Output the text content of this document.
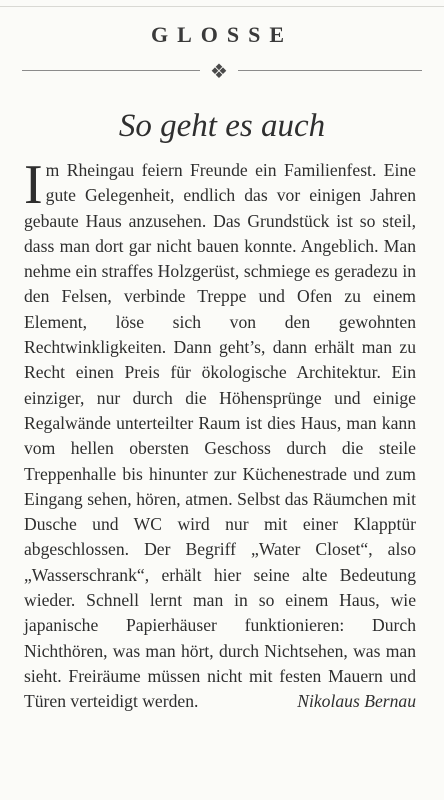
GLOSSE
❖
So geht es auch

Im Rheingau feiern Freunde ein Familienfest. Eine gute Gelegenheit, endlich das vor einigen Jahren gebaute Haus anzusehen. Das Grundstück ist so steil, dass man dort gar nicht bauen konnte. Angeblich. Man nehme ein straffes Holzgerüst, schmiege es geradezu in den Felsen, verbinde Treppe und Ofen zu einem Element, löse sich von den gewohnten Rechtwinkligkeiten. Dann geht’s, dann erhält man zu Recht einen Preis für ökologische Architektur. Ein einziger, nur durch die Höhensprünge und einige Regalwände unterteilter Raum ist dies Haus, man kann vom hellen obersten Geschoss durch die steile Treppenhalle bis hinunter zur Küchenestrade und zum Eingang sehen, hören, atmen. Selbst das Räumchen mit Dusche und WC wird nur mit einer Klapptür abgeschlossen. Der Begriff „Water Closet“, also „Wasserschrank“, erhält hier seine alte Bedeutung wieder. Schnell lernt man in so einem Haus, wie japanische Papierhäuser funktionieren: Durch Nichthören, was man hört, durch Nichtsehen, was man sieht. Freiräume müssen nicht mit festen Mauern und Türen verteidigt werden.	Nikolaus Bernau
